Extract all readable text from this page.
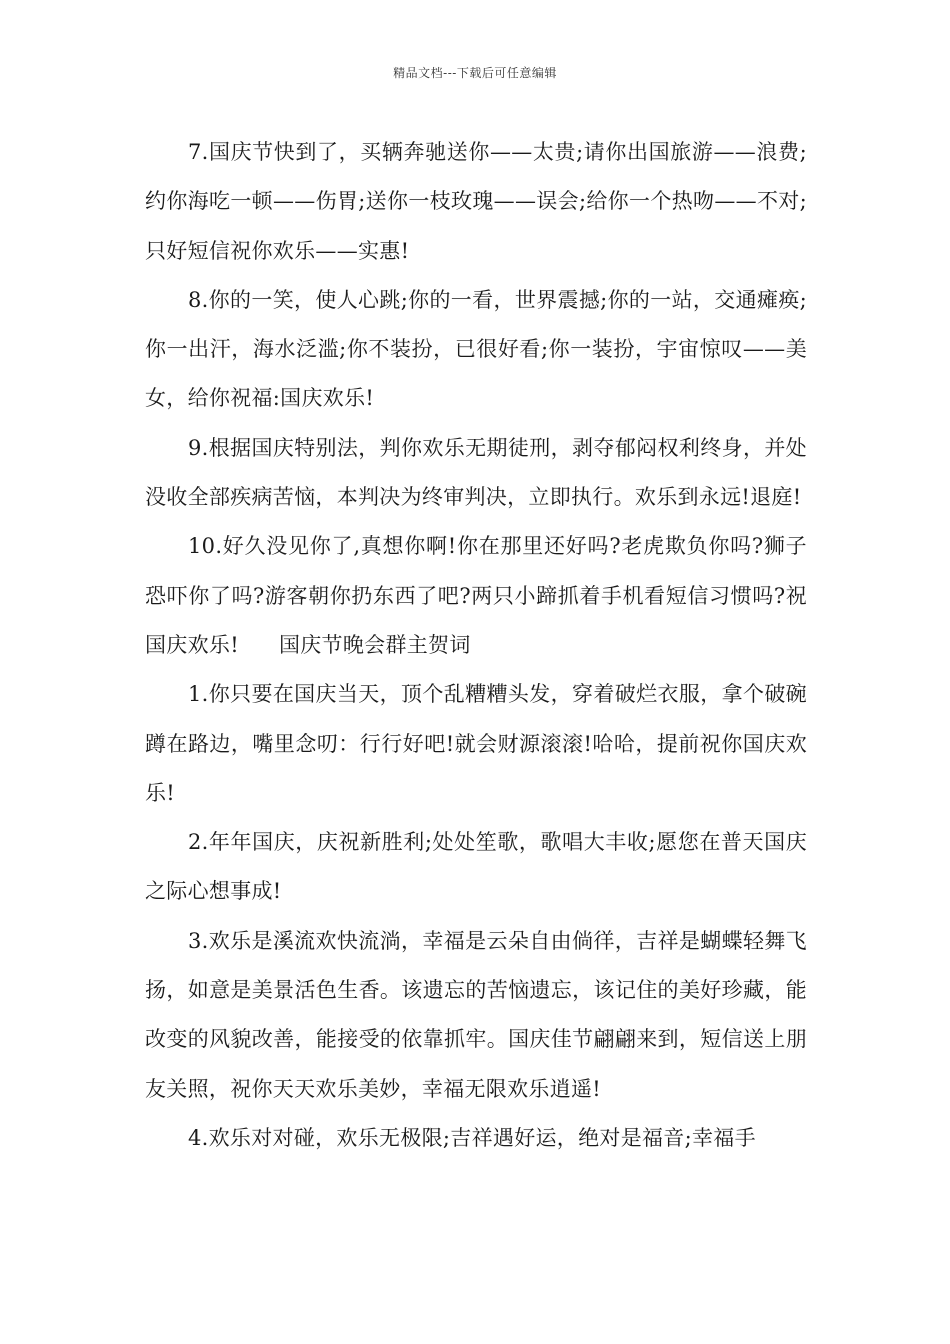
精品文档---下载后可任意编辑

7.国庆节快到了，买辆奔驰送你——太贵;请你出国旅游——浪费;约你海吃一顿——伤胃;送你一枝玫瑰——误会;给你一个热吻——不对;只好短信祝你欢乐——实惠!

8.你的一笑，使人心跳;你的一看，世界震撼;你的一站，交通瘫痪;你一出汗，海水泛滥;你不装扮，已很好看;你一装扮，宇宙惊叹——美女，给你祝福:国庆欢乐!

9.根据国庆特别法，判你欢乐无期徒刑，剥夺郁闷权利终身，并处没收全部疾病苦恼，本判决为终审判决，立即执行。欢乐到永远!退庭!

10.好久没见你了,真想你啊!你在那里还好吗?老虎欺负你吗?狮子恐吓你了吗?游客朝你扔东西了吧?两只小蹄抓着手机看短信习惯吗?祝国庆欢乐! 国庆节晚会群主贺词

1.你只要在国庆当天，顶个乱糟糟头发，穿着破烂衣服，拿个破碗蹲在路边，嘴里念叨：行行好吧!就会财源滚滚!哈哈，提前祝你国庆欢乐!

2.年年国庆，庆祝新胜利;处处笙歌，歌唱大丰收;愿您在普天国庆之际心想事成!

3.欢乐是溪流欢快流淌，幸福是云朵自由倘徉，吉祥是蝴蝶轻舞飞扬，如意是美景活色生香。该遗忘的苦恼遗忘，该记住的美好珍藏，能改变的风貌改善，能接受的依靠抓牢。国庆佳节翩翩来到，短信送上朋友关照，祝你天天欢乐美妙，幸福无限欢乐逍遥!

4.欢乐对对碰，欢乐无极限;吉祥遇好运，绝对是福音;幸福手
